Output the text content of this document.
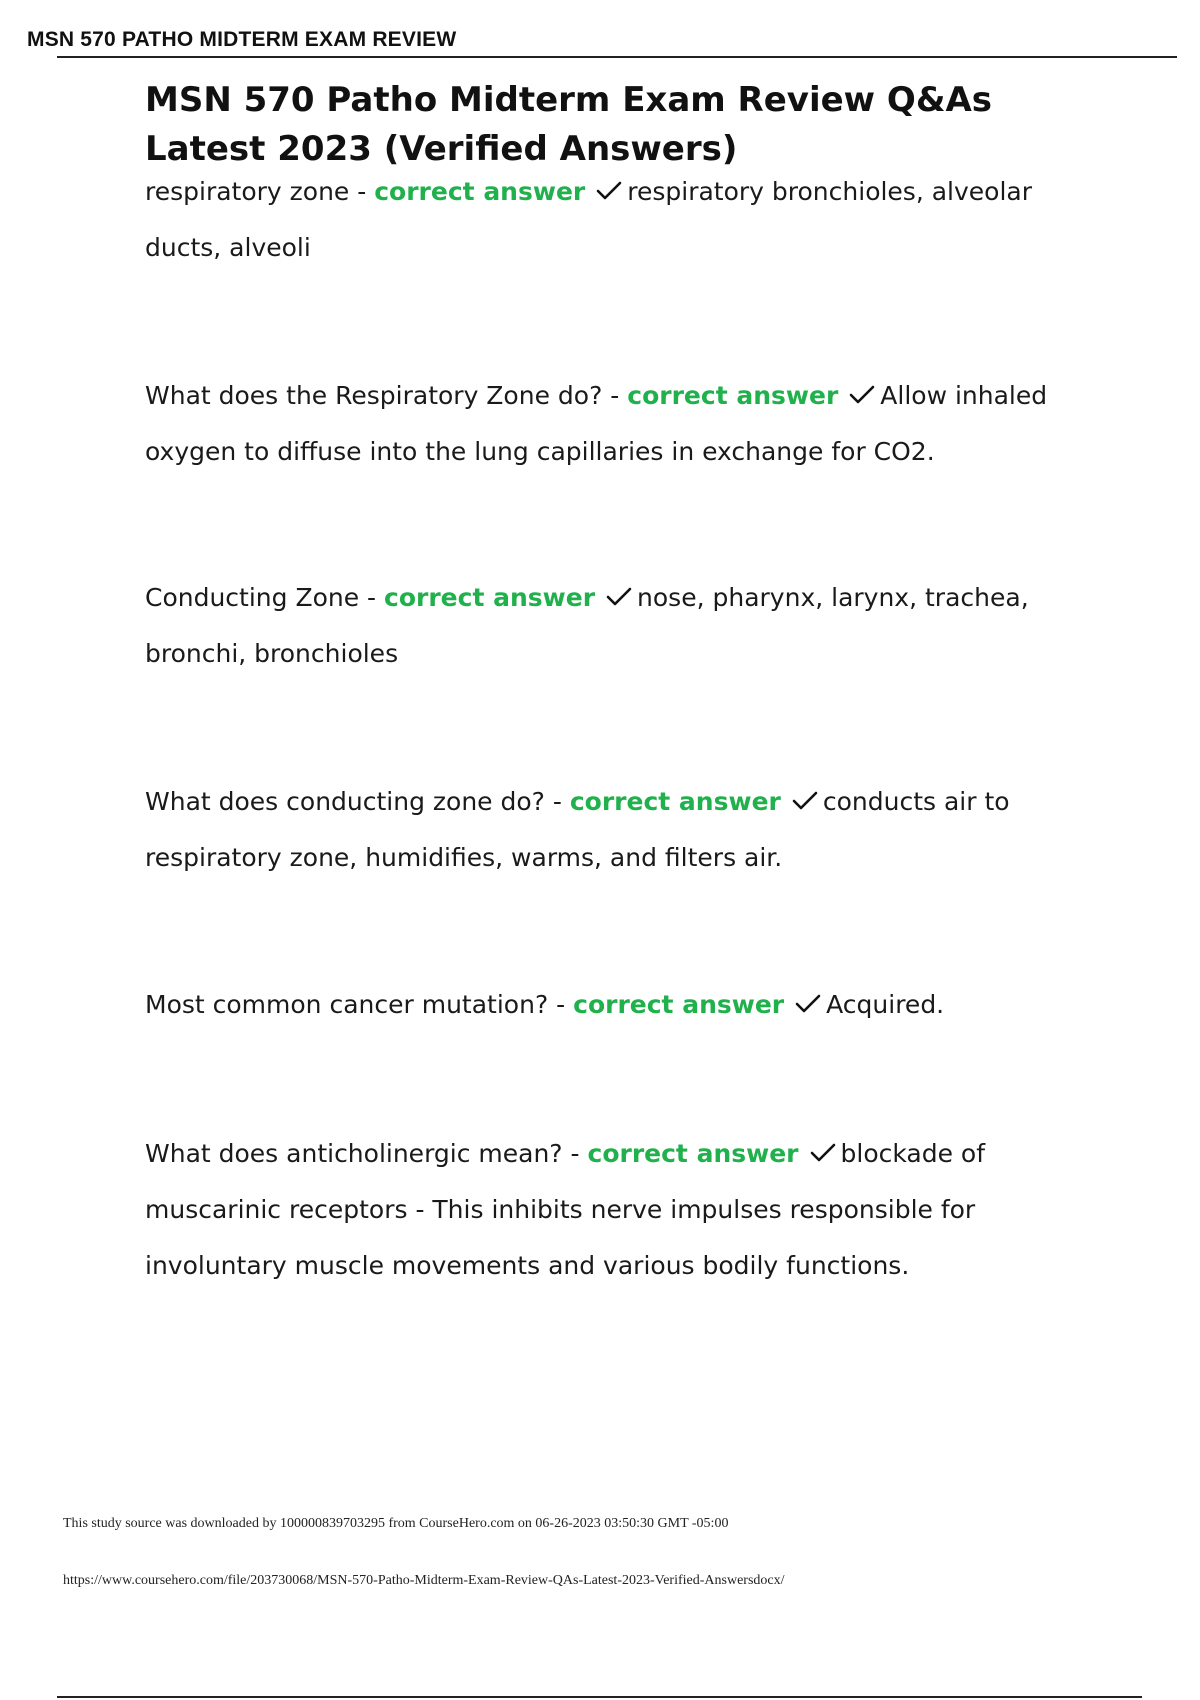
MSN 570 PATHO MIDTERM EXAM REVIEW
MSN 570 Patho Midterm Exam Review Q&As Latest 2023 (Verified Answers)

respiratory zone - correct answer respiratory bronchioles, alveolar ducts, alveoli

What does the Respiratory Zone do? - correct answer Allow inhaled oxygen to diffuse into the lung capillaries in exchange for CO2.

Conducting Zone - correct answer nose, pharynx, larynx, trachea, bronchi, bronchioles

What does conducting zone do? - correct answer conducts air to respiratory zone, humidifies, warms, and filters air.

Most common cancer mutation? - correct answer Acquired.

What does anticholinergic mean? - correct answer blockade of muscarinic receptors - This inhibits nerve impulses responsible for involuntary muscle movements and various bodily functions.

This study source was downloaded by 100000839703295 from CourseHero.com on 06-26-2023 03:50:30 GMT -05:00
https://www.coursehero.com/file/203730068/MSN-570-Patho-Midterm-Exam-Review-QAs-Latest-2023-Verified-Answersdocx/
